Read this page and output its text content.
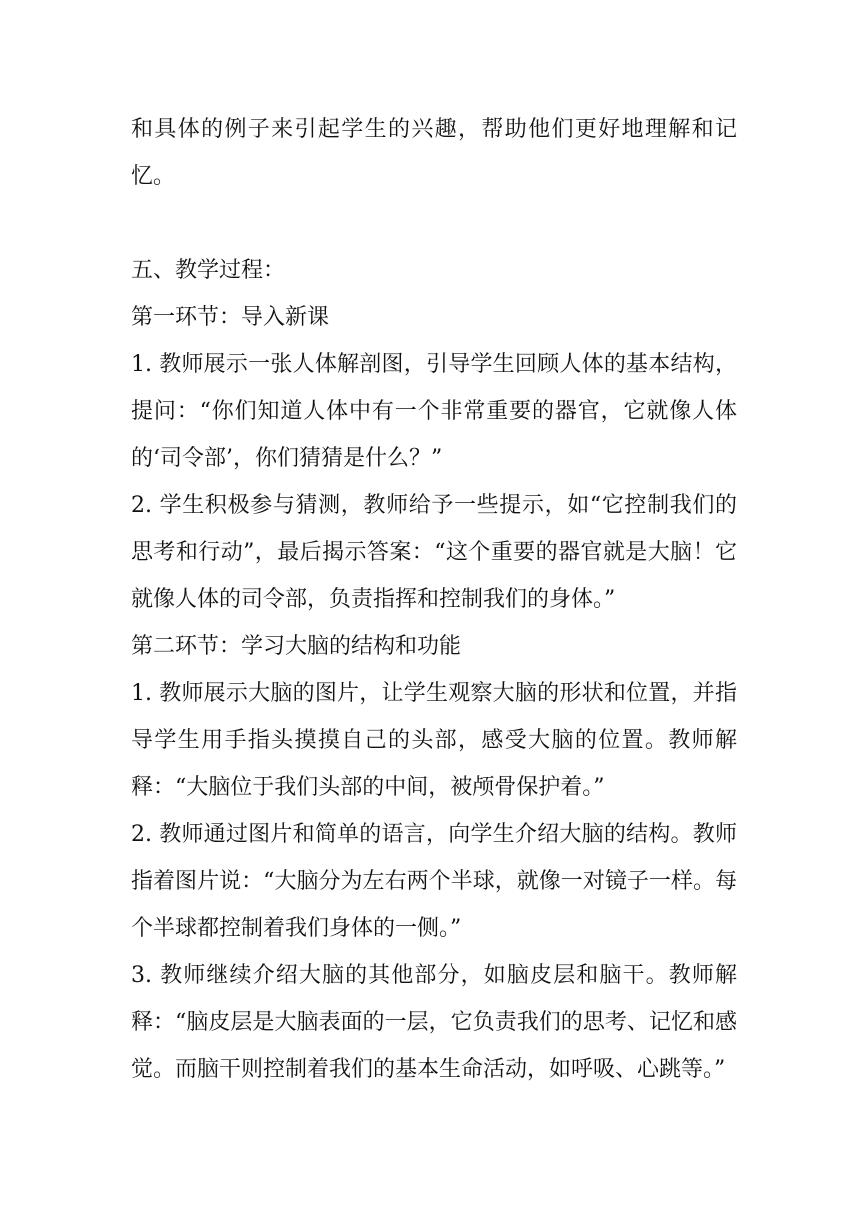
和具体的例子来引起学生的兴趣，帮助他们更好地理解和记忆。

五、教学过程：

第一环节：导入新课

1. 教师展示一张人体解剖图，引导学生回顾人体的基本结构，提问：“你们知道人体中有一个非常重要的器官，它就像人体的‘司令部’，你们猜猜是什么？”

2. 学生积极参与猜测，教师给予一些提示，如“它控制我们的思考和行动”，最后揭示答案：“这个重要的器官就是大脑！它就像人体的司令部，负责指挥和控制我们的身体。”

第二环节：学习大脑的结构和功能

1. 教师展示大脑的图片，让学生观察大脑的形状和位置，并指导学生用手指头摸摸自己的头部，感受大脑的位置。教师解释：“大脑位于我们头部的中间，被颅骨保护着。”

2. 教师通过图片和简单的语言，向学生介绍大脑的结构。教师指着图片说：“大脑分为左右两个半球，就像一对镜子一样。每个半球都控制着我们身体的一侧。”

3. 教师继续介绍大脑的其他部分，如脑皮层和脑干。教师解释：“脑皮层是大脑表面的一层，它负责我们的思考、记忆和感觉。而脑干则控制着我们的基本生命活动，如呼吸、心跳等。”
